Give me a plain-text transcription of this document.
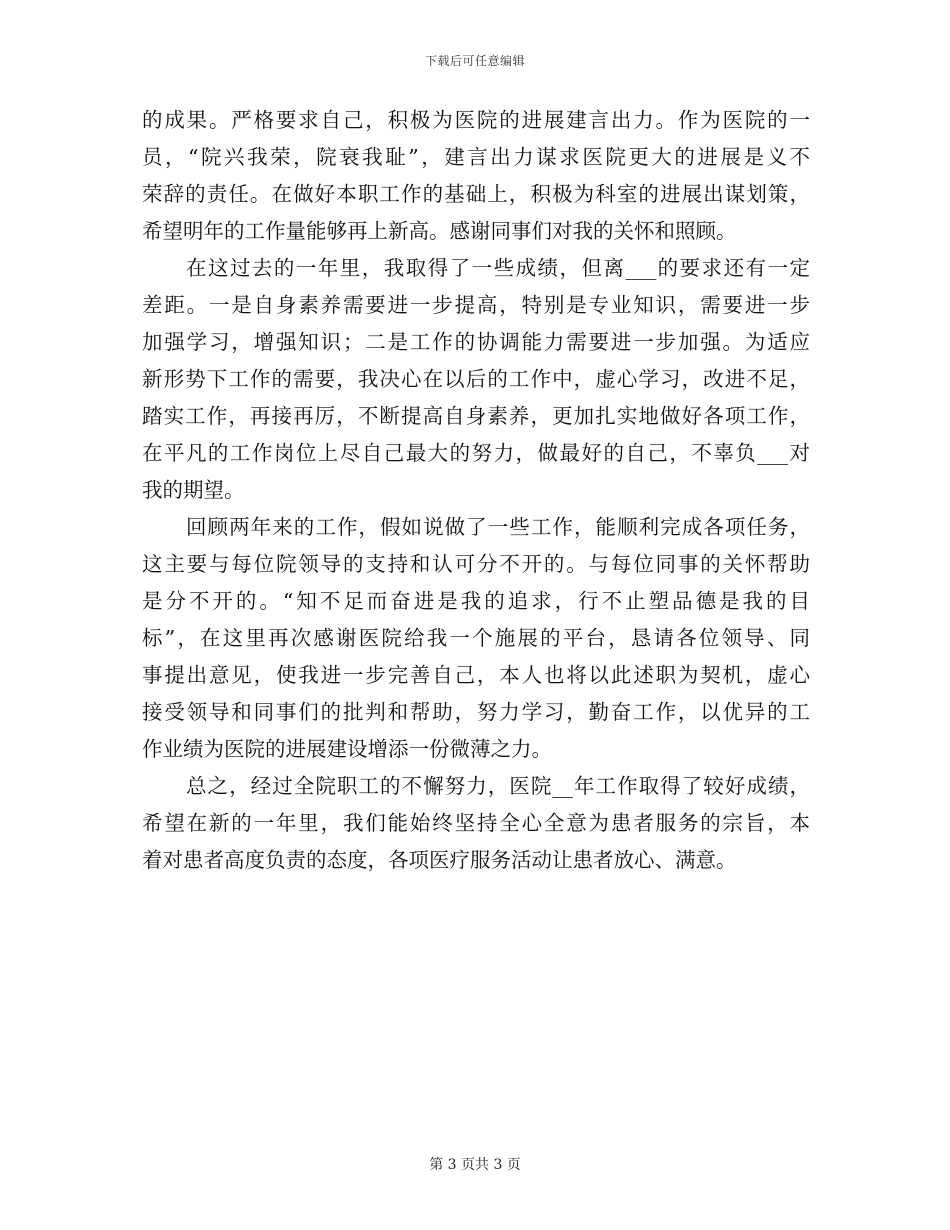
下载后可任意编辑
的成果。严格要求自己，积极为医院的进展建言出力。作为医院的一
员，“院兴我荣，院衰我耻”，建言出力谋求医院更大的进展是义不
荣辞的责任。在做好本职工作的基础上，积极为科室的进展出谋划策，
希望明年的工作量能够再上新高。感谢同事们对我的关怀和照顾。
在这过去的一年里，我取得了一些成绩，但离___的要求还有一定
差距。一是自身素养需要进一步提高，特别是专业知识，需要进一步
加强学习，增强知识；二是工作的协调能力需要进一步加强。为适应
新形势下工作的需要，我决心在以后的工作中，虚心学习，改进不足，
踏实工作，再接再厉，不断提高自身素养，更加扎实地做好各项工作，
在平凡的工作岗位上尽自己最大的努力，做最好的自己，不辜负___对
我的期望。
回顾两年来的工作，假如说做了一些工作，能顺利完成各项任务，
这主要与每位院领导的支持和认可分不开的。与每位同事的关怀帮助
是分不开的。“知不足而奋进是我的追求，行不止塑品德是我的目
标”，在这里再次感谢医院给我一个施展的平台，恳请各位领导、同
事提出意见，使我进一步完善自己，本人也将以此述职为契机，虚心
接受领导和同事们的批判和帮助，努力学习，勤奋工作，以优异的工
作业绩为医院的进展建设增添一份微薄之力。
总之，经过全院职工的不懈努力，医院__年工作取得了较好成绩，
希望在新的一年里，我们能始终坚持全心全意为患者服务的宗旨，本
着对患者高度负责的态度，各项医疗服务活动让患者放心、满意。
第 3 页共 3 页
